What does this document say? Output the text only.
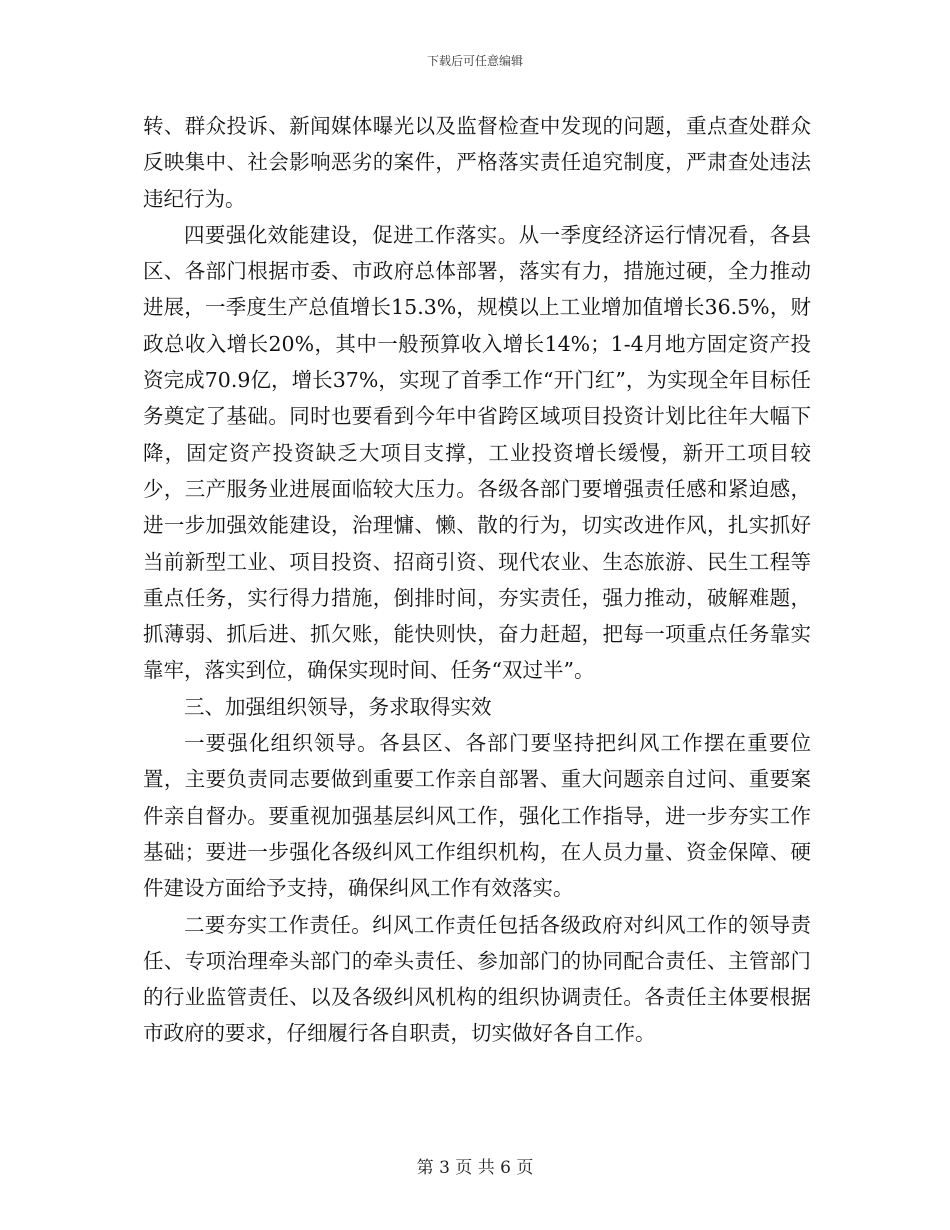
下载后可任意编辑

转、群众投诉、新闻媒体曝光以及监督检查中发现的问题，重点查处群众反映集中、社会影响恶劣的案件，严格落实责任追究制度，严肃查处违法违纪行为。

四要强化效能建设，促进工作落实。从一季度经济运行情况看，各县区、各部门根据市委、市政府总体部署，落实有力，措施过硬，全力推动进展，一季度生产总值增长15.3%，规模以上工业增加值增长36.5%，财政总收入增长20%，其中一般预算收入增长14%；1-4月地方固定资产投资完成70.9亿，增长37%，实现了首季工作“开门红”，为实现全年目标任务奠定了基础。同时也要看到今年中省跨区域项目投资计划比往年大幅下降，固定资产投资缺乏大项目支撑，工业投资增长缓慢，新开工项目较少，三产服务业进展面临较大压力。各级各部门要增强责任感和紧迫感，进一步加强效能建设，治理慵、懒、散的行为，切实改进作风，扎实抓好当前新型工业、项目投资、招商引资、现代农业、生态旅游、民生工程等重点任务，实行得力措施，倒排时间，夯实责任，强力推动，破解难题，抓薄弱、抓后进、抓欠账，能快则快，奋力赶超，把每一项重点任务靠实靠牢，落实到位，确保实现时间、任务“双过半”。

三、加强组织领导，务求取得实效

一要强化组织领导。各县区、各部门要坚持把纠风工作摆在重要位置，主要负责同志要做到重要工作亲自部署、重大问题亲自过问、重要案件亲自督办。要重视加强基层纠风工作，强化工作指导，进一步夯实工作基础；要进一步强化各级纠风工作组织机构，在人员力量、资金保障、硬件建设方面给予支持，确保纠风工作有效落实。

二要夯实工作责任。纠风工作责任包括各级政府对纠风工作的领导责任、专项治理牵头部门的牵头责任、参加部门的协同配合责任、主管部门的行业监管责任、以及各级纠风机构的组织协调责任。各责任主体要根据市政府的要求，仔细履行各自职责，切实做好各自工作。

第 3 页 共 6 页
